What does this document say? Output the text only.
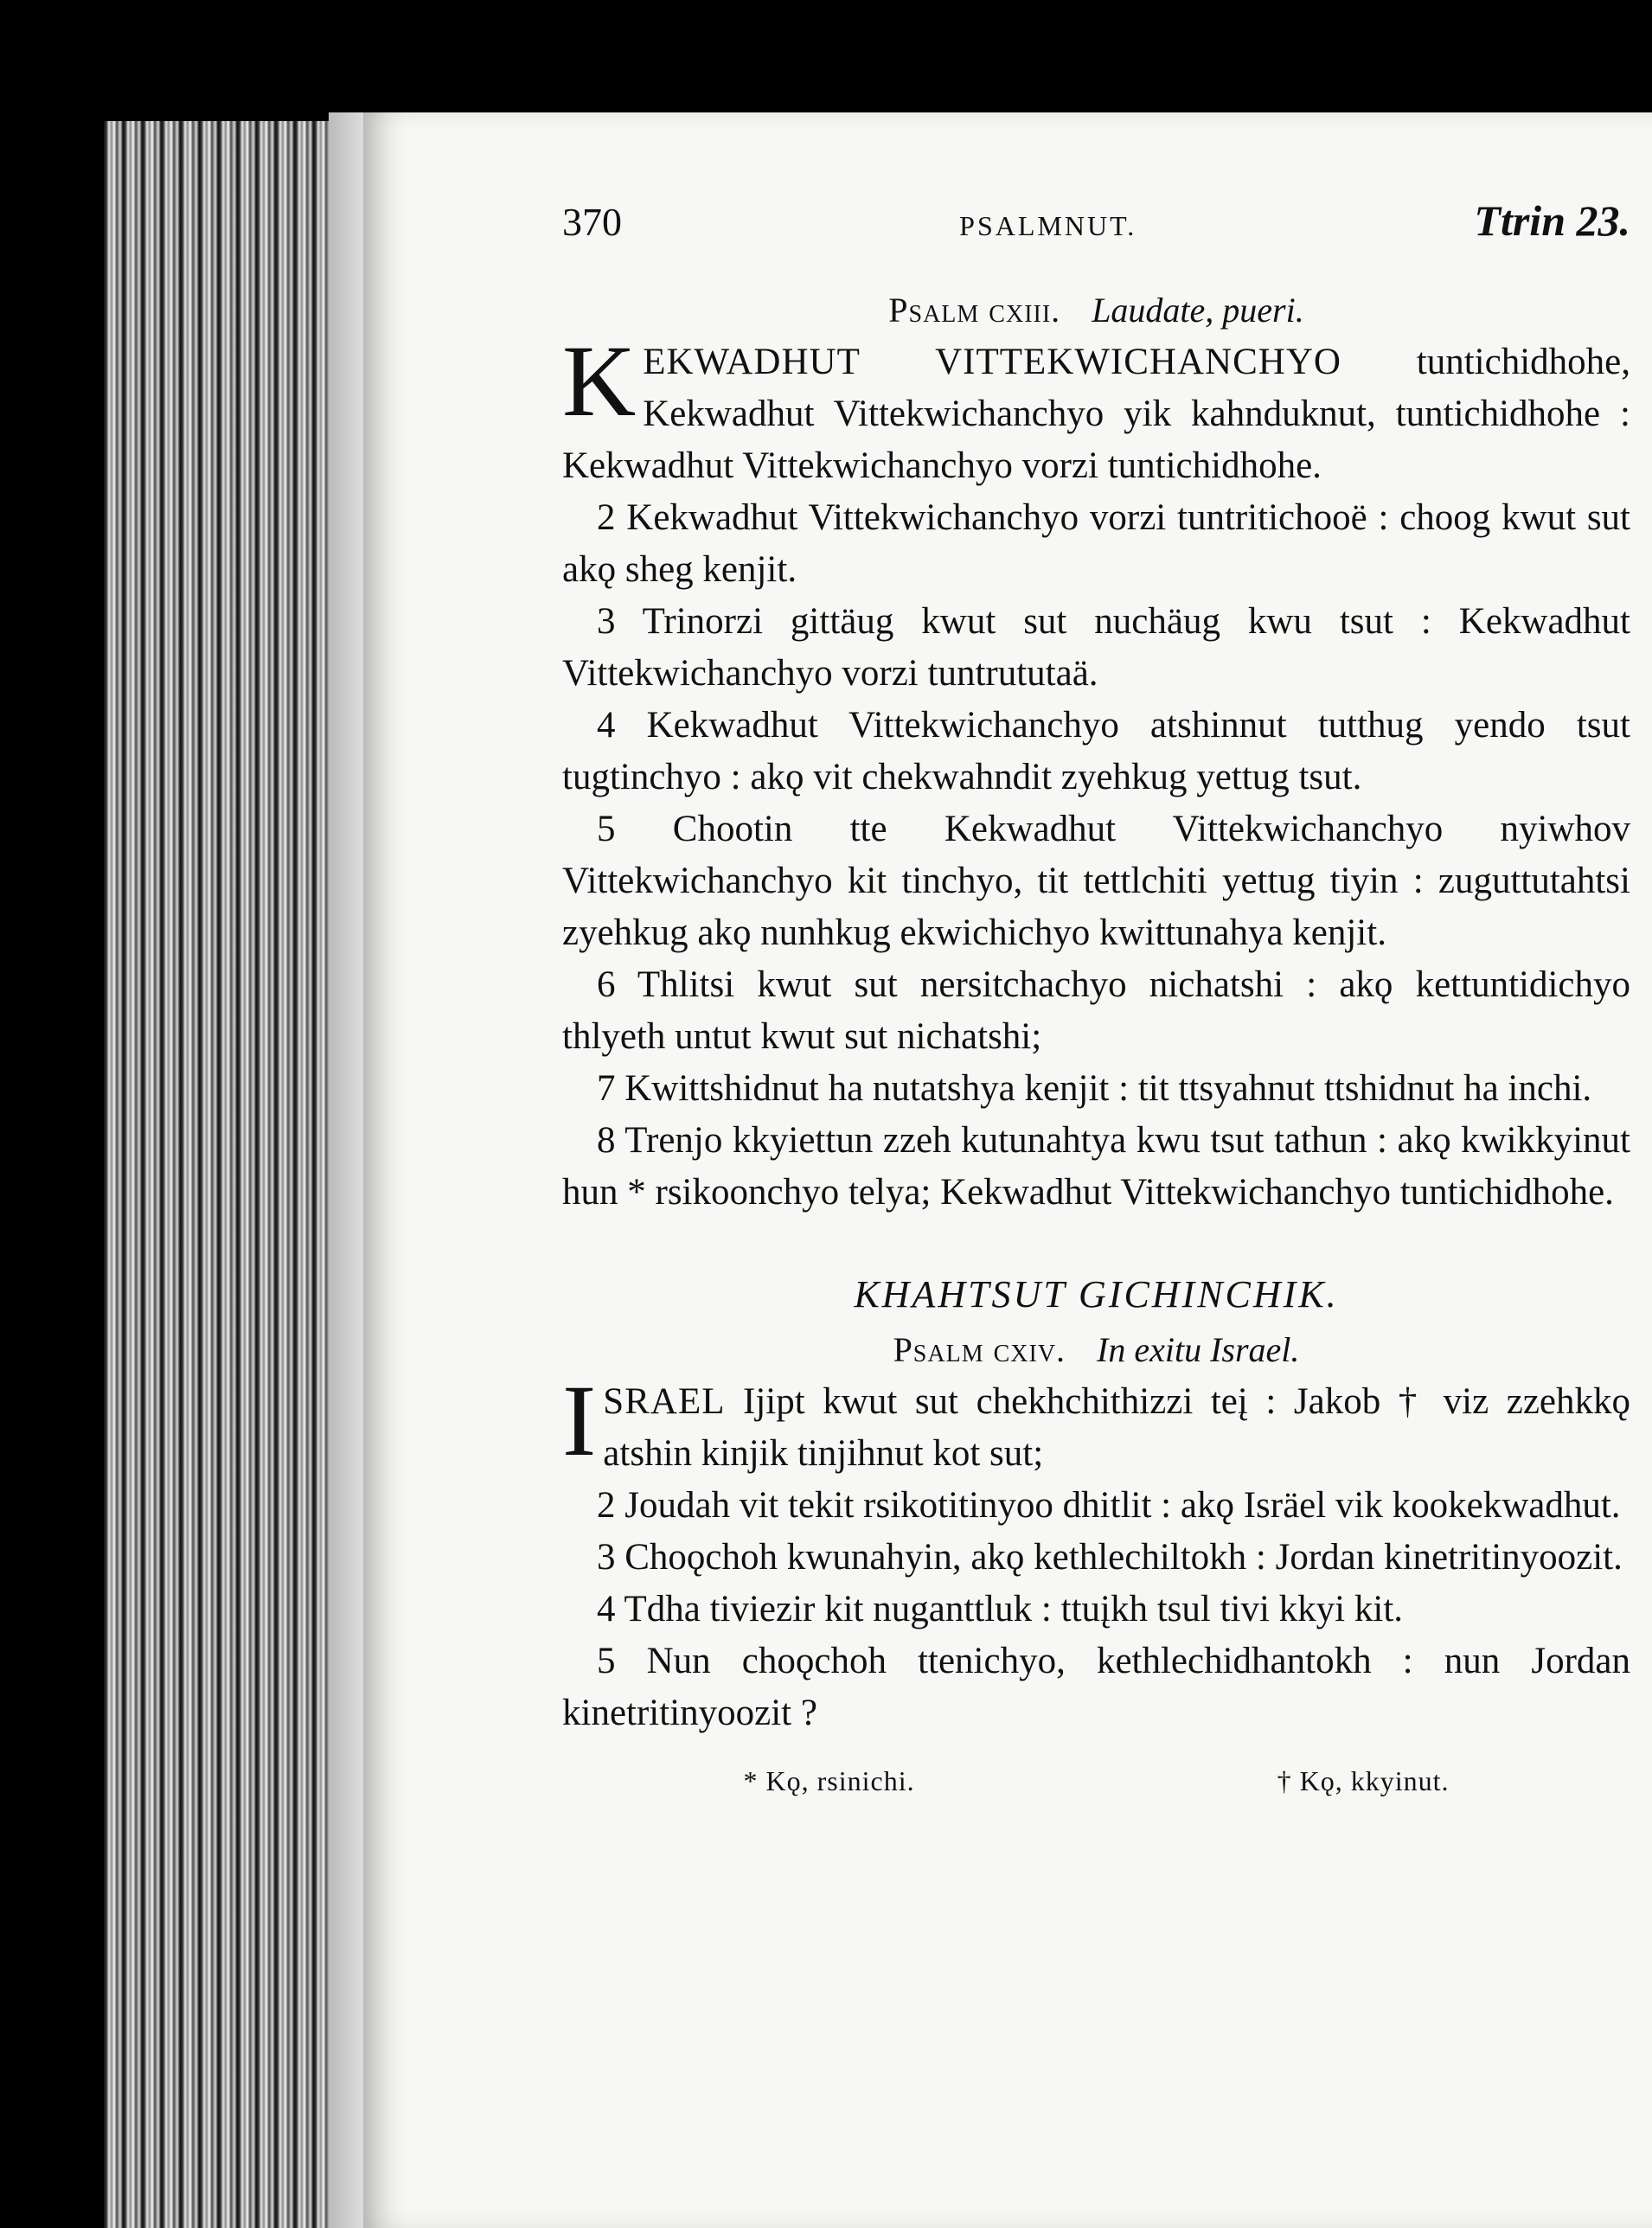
370	PSALMNUT.	Ttrin 23.
Psalm cxiii. Laudate, pueri.

KEKWADHUT VITTEKWICHANCHYO tuntichidhohe, Kekwadhut Vittekwichanchyo yik kahnduknut, tuntichidhohe : Kekwadhut Vittekwichanchyo vorzi tuntichidhohe.

2 Kekwadhut Vittekwichanchyo vorzi tuntritichooë : choog kwut sut akǫ sheg kenjit.

3 Trinorzi gittäug kwut sut nuchäug kwu tsut : Kekwadhut Vittekwichanchyo vorzi tuntrututaä.

4 Kekwadhut Vittekwichanchyo atshinnut tutthug yendo tsut tugtinchyo : akǫ vit chekwahndit zyehkug yettug tsut.

5 Chootin tte Kekwadhut Vittekwichanchyo nyiwhov Vittekwichanchyo kit tinchyo, tit tettlchiti yettug tiyin : zuguttutahtsi zyehkug akǫ nunhkug ekwichichyo kwittunahya kenjit.

6 Thlitsi kwut sut nersitchachyo nichatshi : akǫ kettuntidichyo thlyeth untut kwut sut nichatshi;

7 Kwittshidnut ha nutatshya kenjit : tit ttsyahnut ttshidnut ha inchi.

8 Trenjo kkyiettun zzeh kutunahtya kwu tsut tathun : akǫ kwikkyinut hun * rsikoonchyo telya; Kekwadhut Vittekwichanchyo tuntichidhohe.

KHAHTSUT GICHINCHIK.
Psalm cxiv. In exitu Israel.

ISRAEL Ijipt kwut sut chekhchithizzi teį : Jakob † viz zzehkkǫ atshin kinjik tinjihnut kot sut;

2 Joudah vit tekit rsikotitinyoo dhitlit : akǫ Isräel vik kookekwadhut.

3 Choǫchoh kwunahyin, akǫ kethlechiltokh : Jordan kinetritinyoozit.

4 Tdha tiviezir kit nuganttluk : ttuįkh tsul tivi kkyi kit.

5 Nun choǫchoh ttenichyo, kethlechidhantokh : nun Jordan kinetritinyoozit ?

* Kǫ, rsinichi.	† Kǫ, kkyinut.
